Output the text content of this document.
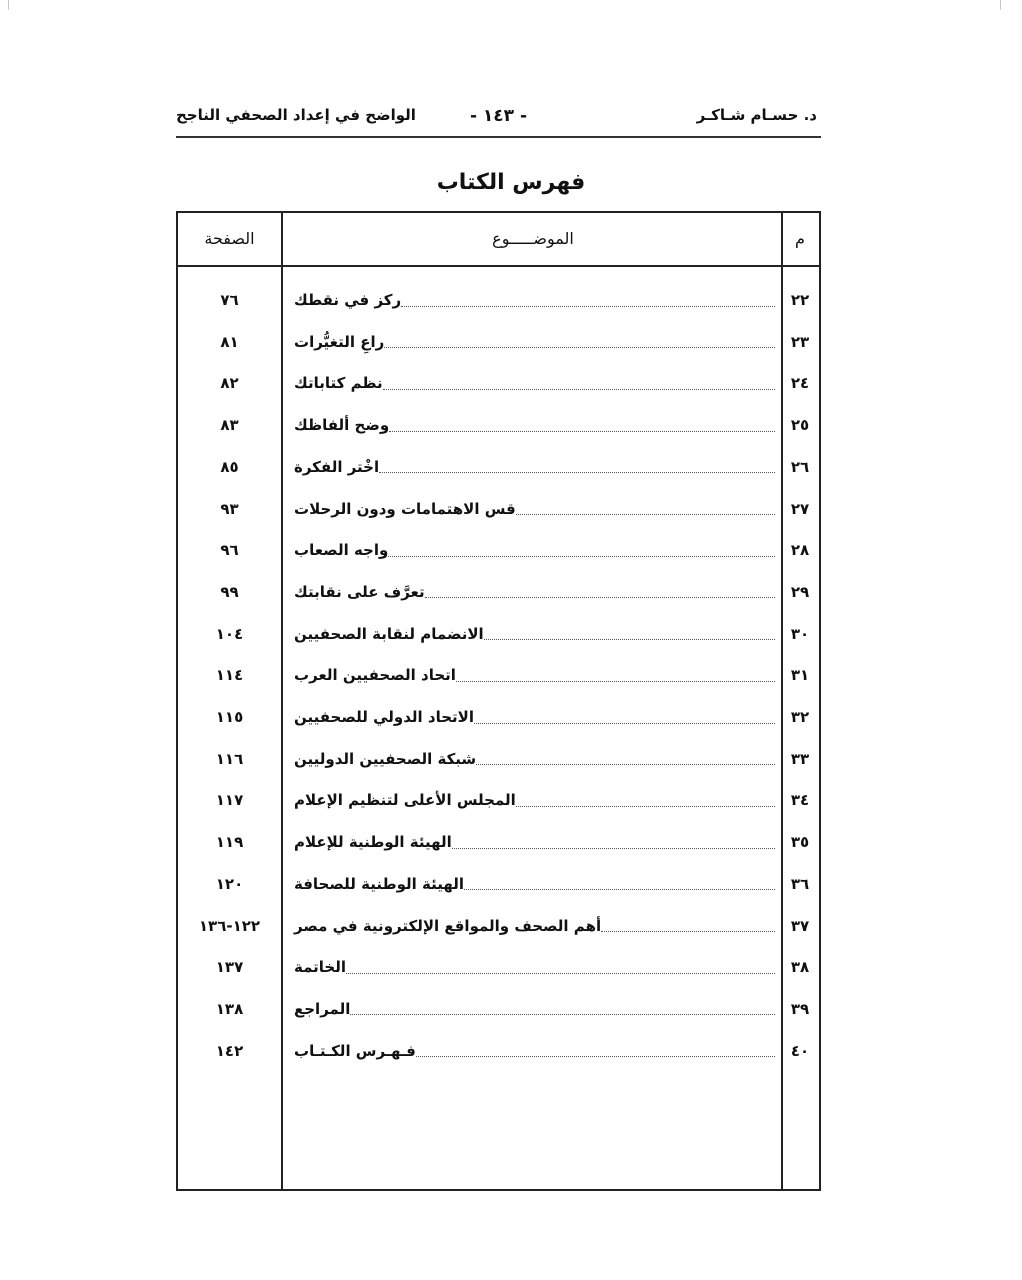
د. حسـام شـاكـر
- ١٤٣ -
الواضح في إعداد الصحفي الناجح
فهرس الكتاب
م
الموضـــــوع
الصفحة
٢٢
ركز في نقطك
٧٦
٢٣
راعِ التغيُّرات
٨١
٢٤
نظم كتاباتك
٨٢
٢٥
وضح ألفاظك
٨٣
٢٦
اخْتر الفكرة
٨٥
٢٧
قس الاهتمامات ودون الرحلات
٩٣
٢٨
واجه الصعاب
٩٦
٢٩
تعرَّف على نقابتك
٩٩
٣٠
الانضمام لنقابة الصحفيين
١٠٤
٣١
اتحاد الصحفيين العرب
١١٤
٣٢
الاتحاد الدولي للصحفيين
١١٥
٣٣
شبكة الصحفيين الدوليين
١١٦
٣٤
المجلس الأعلى لتنظيم الإعلام
١١٧
٣٥
الهيئة الوطنية للإعلام
١١٩
٣٦
الهيئة الوطنية للصحافة
١٢٠
٣٧
أهم الصحف والمواقع الإلكترونية في مصر
١٢٢-١٣٦
٣٨
الخاتمة
١٣٧
٣٩
المراجع
١٣٨
٤٠
فـهـرس الكـتـاب
١٤٢
